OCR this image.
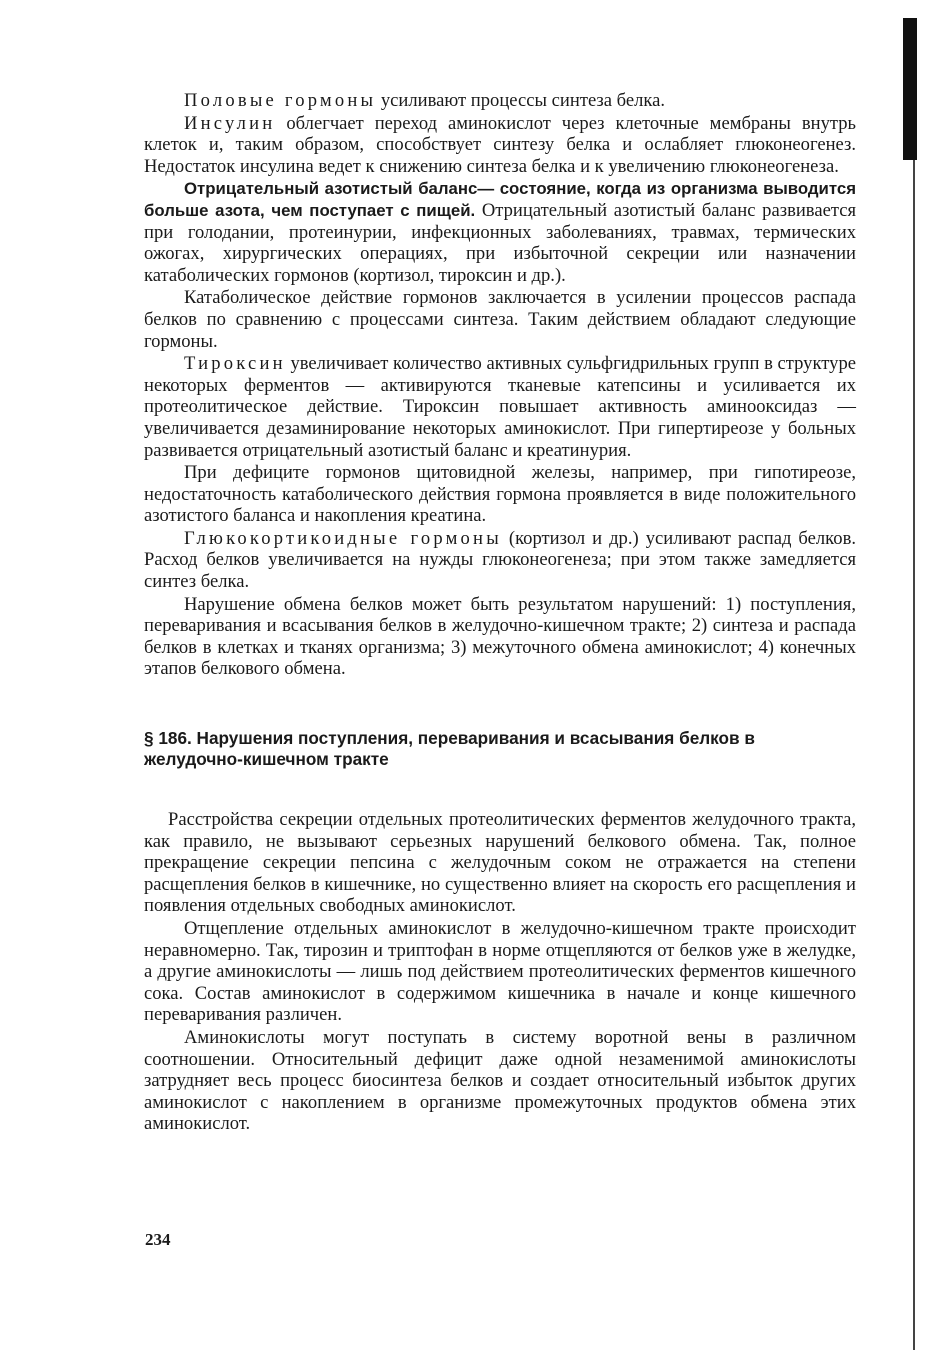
Половые гормоны усиливают процессы синтеза белка.

Инсулин облегчает переход аминокислот через клеточные мембраны внутрь клеток и, таким образом, способствует синтезу белка и ослабляет глюконеогенез. Недостаток инсулина ведет к снижению синтеза белка и к увеличению глюконеогенеза.

Отрицательный азотистый баланс— состояние, когда из организма выводится больше азота, чем поступает с пищей. Отрицательный азотистый баланс развивается при голодании, протеинурии, инфекционных заболеваниях, травмах, термических ожогах, хирургических операциях, при избыточной секреции или назначении катаболических гормонов (кортизол, тироксин и др.).

Катаболическое действие гормонов заключается в усилении процессов распада белков по сравнению с процессами синтеза. Таким действием обладают следующие гормоны.

Тироксин увеличивает количество активных сульфгидрильных групп в структуре некоторых ферментов — активируются тканевые катепсины и усиливается их протеолитическое действие. Тироксин повышает активность аминооксидаз — увеличивается дезаминирование некоторых аминокислот. При гипертиреозе у больных развивается отрицательный азотистый баланс и креатинурия.

При дефиците гормонов щитовидной железы, например, при гипотиреозе, недостаточность катаболического действия гормона проявляется в виде положительного азотистого баланса и накопления креатина.

Глюкокортикоидные гормоны (кортизол и др.) усиливают распад белков. Расход белков увеличивается на нужды глюконеогенеза; при этом также замедляется синтез белка.

Нарушение обмена белков может быть результатом нарушений: 1) поступления, переваривания и всасывания белков в желудочно-кишечном тракте; 2) синтеза и распада белков в клетках и тканях организма; 3) межуточного обмена аминокислот; 4) конечных этапов белкового обмена.

§ 186. Нарушения поступления, переваривания и всасывания белков в желудочно-кишечном тракте

Расстройства секреции отдельных протеолитических ферментов желудочного тракта, как правило, не вызывают серьезных нарушений белкового обмена. Так, полное прекращение секреции пепсина с желудочным соком не отражается на степени расщепления белков в кишечнике, но существенно влияет на скорость его расщепления и появления отдельных свободных аминокислот.

Отщепление отдельных аминокислот в желудочно-кишечном тракте происходит неравномерно. Так, тирозин и триптофан в норме отщепляются от белков уже в желудке, а другие аминокислоты — лишь под действием протеолитических ферментов кишечного сока. Состав аминокислот в содержимом кишечника в начале и конце кишечного переваривания различен.

Аминокислоты могут поступать в систему воротной вены в различном соотношении. Относительный дефицит даже одной незаменимой аминокислоты затрудняет весь процесс биосинтеза белков и создает относительный избыток других аминокислот с накоплением в организме промежуточных продуктов обмена этих аминокислот.

234
